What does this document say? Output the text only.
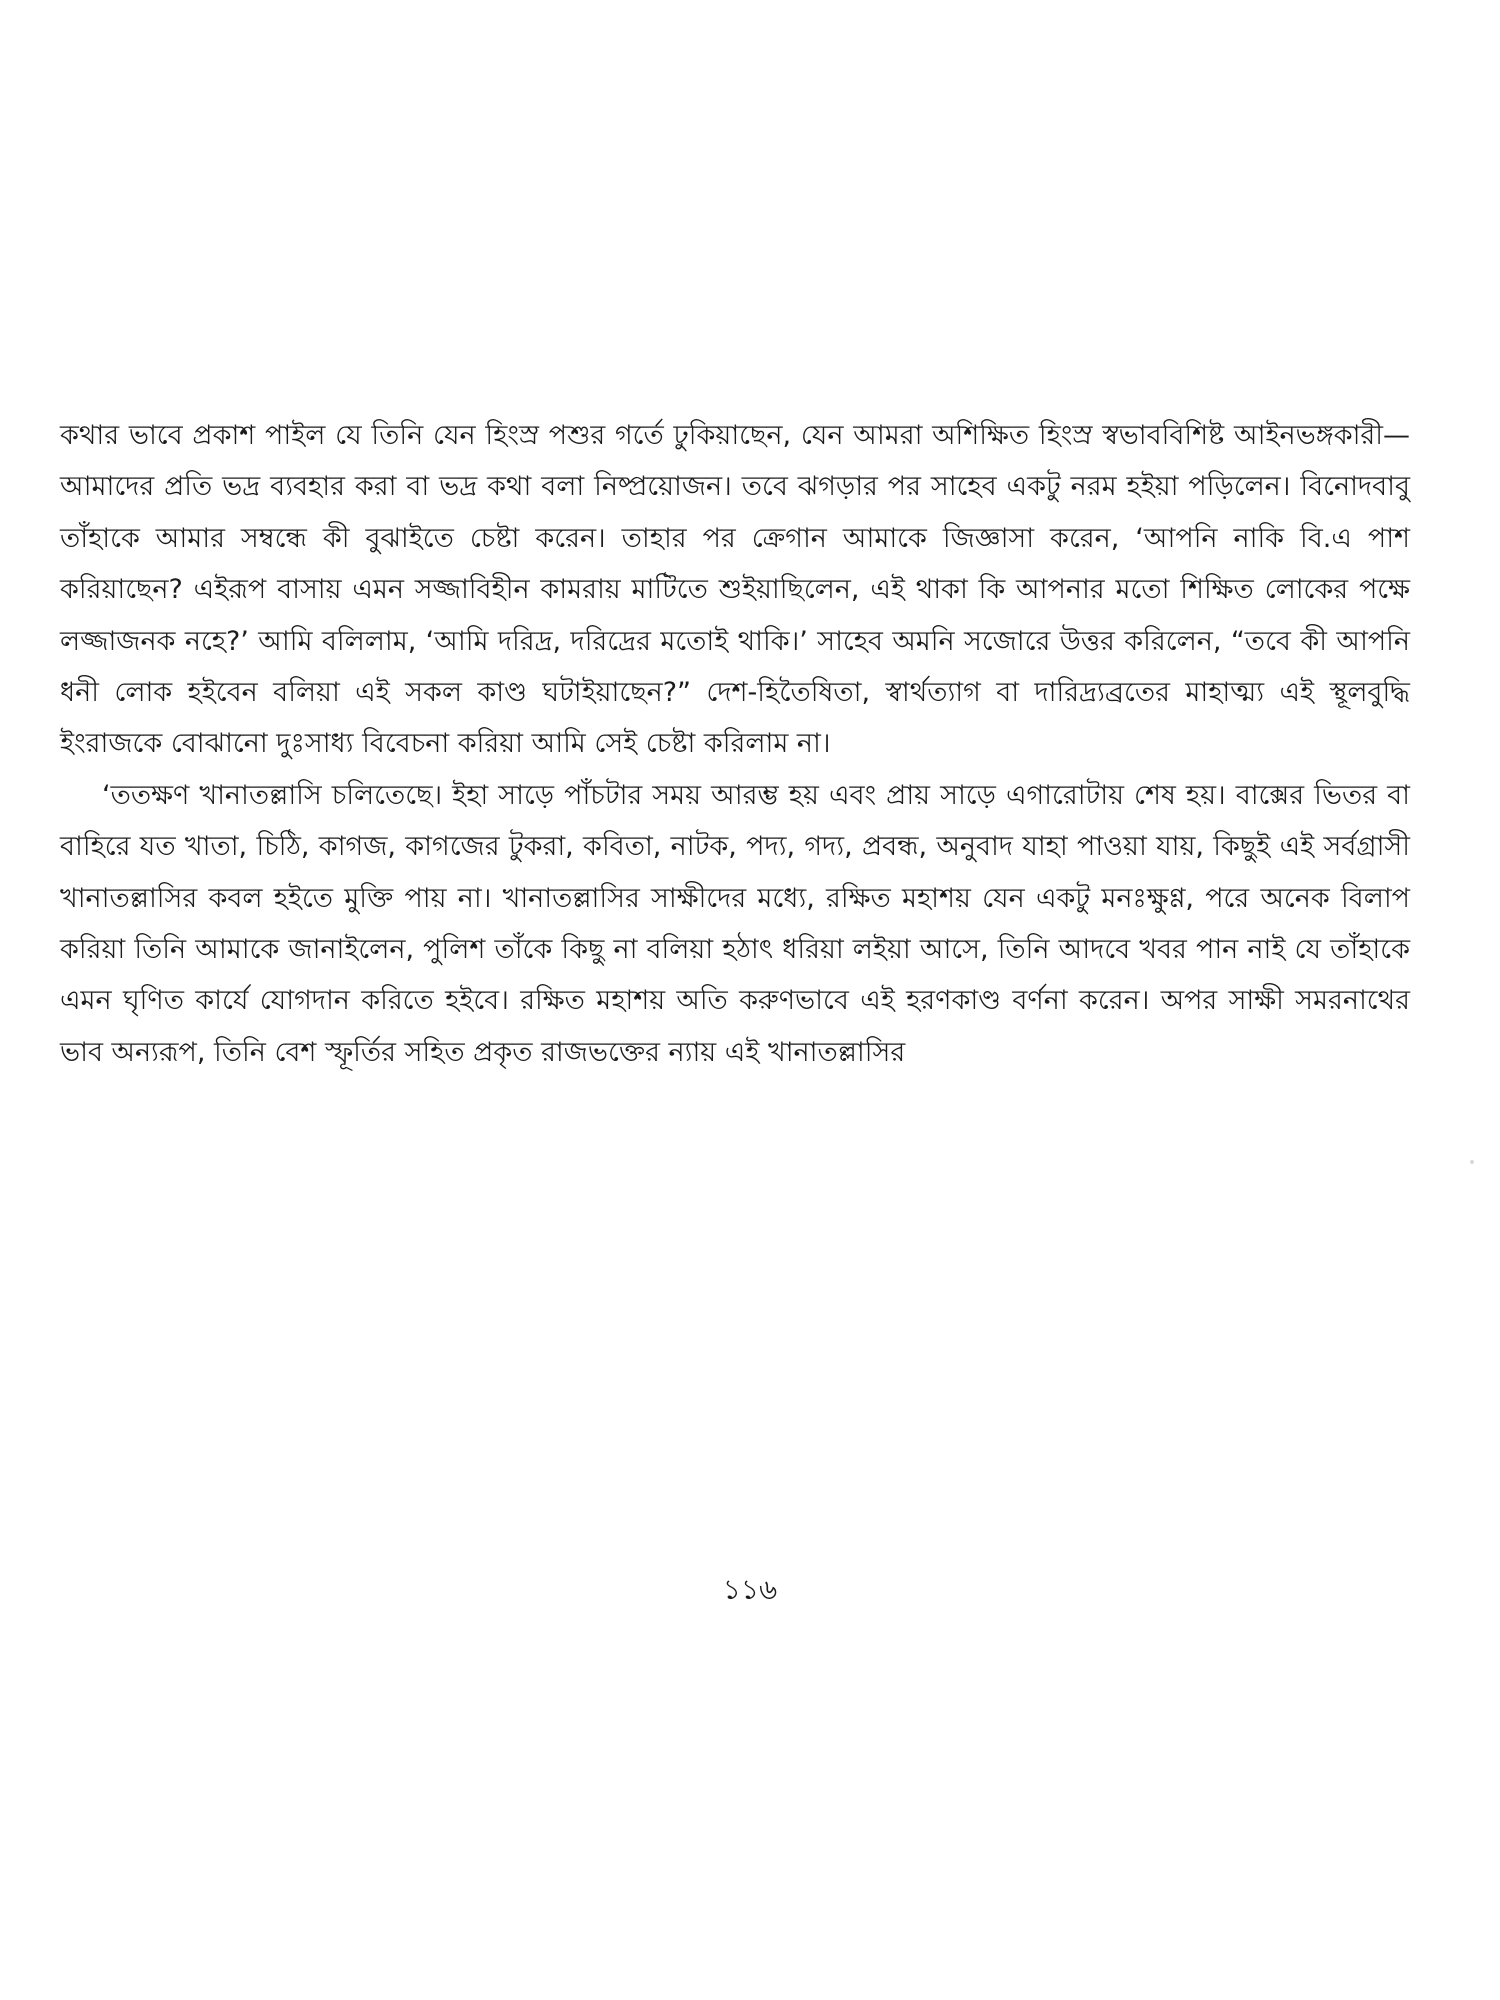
কথার ভাবে প্রকাশ পাইল যে তিনি যেন হিংস্র পশুর গর্তে ঢুকিয়াছেন, যেন আমরা অশিক্ষিত হিংস্র স্বভাববিশিষ্ট আইনভঙ্গকারী—আমাদের প্রতি ভদ্র ব্যবহার করা বা ভদ্র কথা বলা নিষ্প্রয়োজন। তবে ঝগড়ার পর সাহেব একটু নরম হইয়া পড়িলেন। বিনোদবাবু তাঁহাকে আমার সম্বন্ধে কী বুঝাইতে চেষ্টা করেন। তাহার পর ক্রেগান আমাকে জিজ্ঞাসা করেন, ‘আপনি নাকি বি.এ পাশ করিয়াছেন? এইরূপ বাসায় এমন সজ্জাবিহীন কামরায় মাটিতে শুইয়াছিলেন, এই থাকা কি আপনার মতো শিক্ষিত লোকের পক্ষে লজ্জাজনক নহে?’ আমি বলিলাম, ‘আমি দরিদ্র, দরিদ্রের মতোই থাকি।’ সাহেব অমনি সজোরে উত্তর করিলেন, “তবে কী আপনি ধনী লোক হইবেন বলিয়া এই সকল কাণ্ড ঘটাইয়াছেন?” দেশ-হিতৈষিতা, স্বার্থত্যাগ বা দারিদ্র্যব্রতের মাহাত্ম্য এই স্থূলবুদ্ধি ইংরাজকে বোঝানো দুঃসাধ্য বিবেচনা করিয়া আমি সেই চেষ্টা করিলাম না।

‘ততক্ষণ খানাতল্লাসি চলিতেছে। ইহা সাড়ে পাঁচটার সময় আরম্ভ হয় এবং প্রায় সাড়ে এগারোটায় শেষ হয়। বাক্সের ভিতর বা বাহিরে যত খাতা, চিঠি, কাগজ, কাগজের টুকরা, কবিতা, নাটক, পদ্য, গদ্য, প্রবন্ধ, অনুবাদ যাহা পাওয়া যায়, কিছুই এই সর্বগ্রাসী খানাতল্লাসির কবল হইতে মুক্তি পায় না। খানাতল্লাসির সাক্ষীদের মধ্যে, রক্ষিত মহাশয় যেন একটু মনঃক্ষুণ্ণ, পরে অনেক বিলাপ করিয়া তিনি আমাকে জানাইলেন, পুলিশ তাঁকে কিছু না বলিয়া হঠাৎ ধরিয়া লইয়া আসে, তিনি আদবে খবর পান নাই যে তাঁহাকে এমন ঘৃণিত কার্যে যোগদান করিতে হইবে। রক্ষিত মহাশয় অতি করুণভাবে এই হরণকাণ্ড বর্ণনা করেন। অপর সাক্ষী সমরনাথের ভাব অন্যরূপ, তিনি বেশ স্ফূর্তির সহিত প্রকৃত রাজভক্তের ন্যায় এই খানাতল্লাসির

১১৬
